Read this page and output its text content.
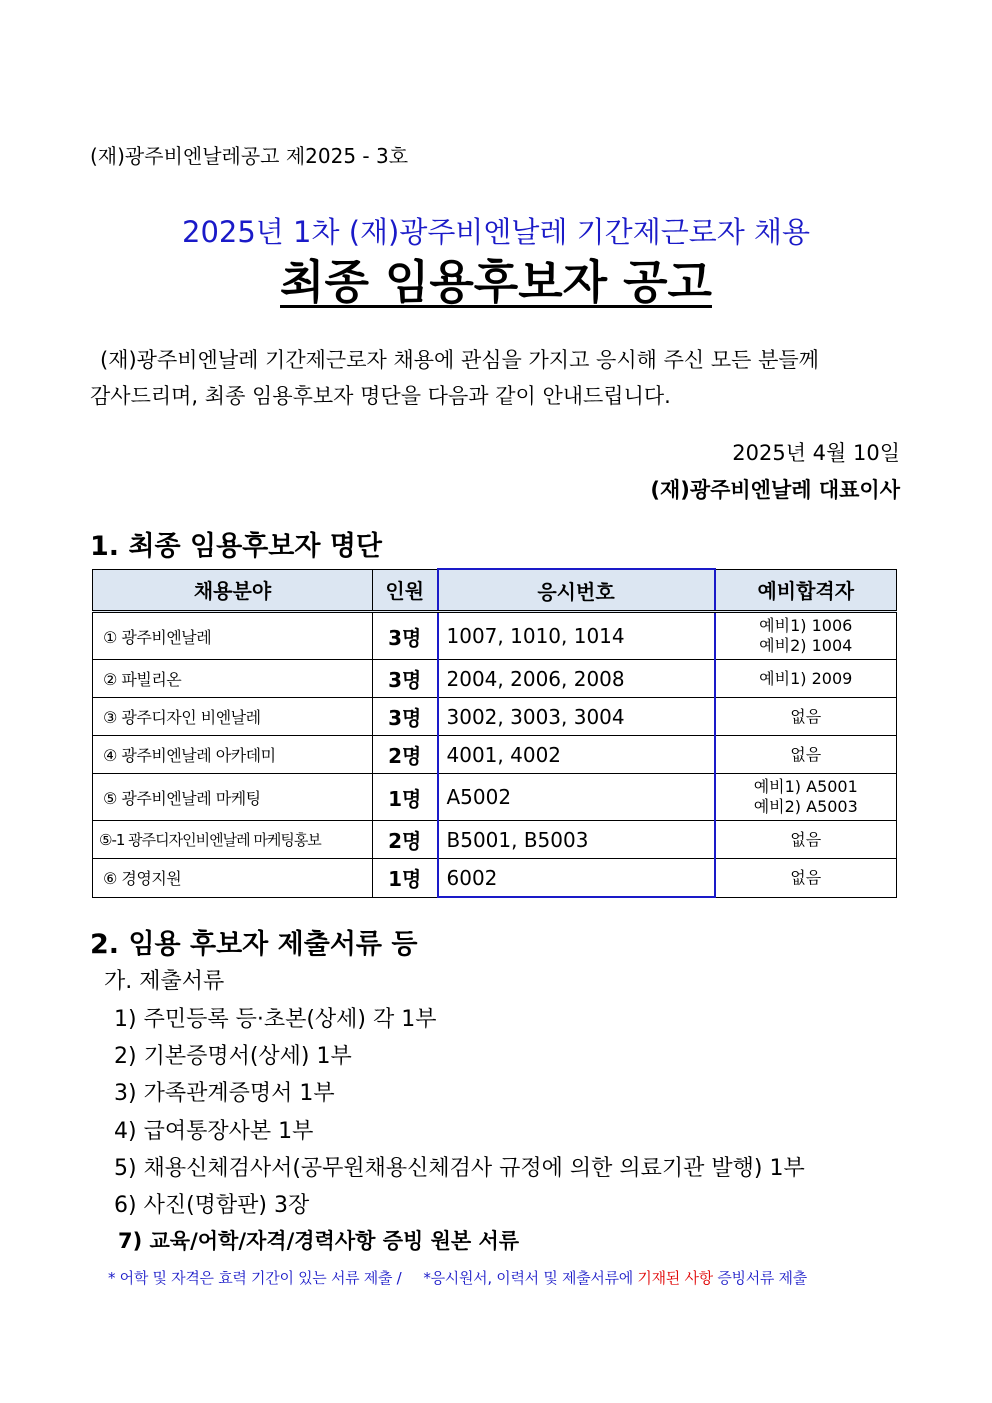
(재)광주비엔날레공고 제2025 - 3호
2025년 1차 (재)광주비엔날레 기간제근로자 채용
최종 임용후보자 공고
(재)광주비엔날레 기간제근로자 채용에 관심을 가지고 응시해 주신 모든 분들께
감사드리며, 최종 임용후보자 명단을 다음과 같이 안내드립니다.
2025년 4월 10일
(재)광주비엔날레 대표이사
1. 최종 임용후보자 명단
채용분야	인원	응시번호	예비합격자
① 광주비엔날레	3명	1007, 1010, 1014	예비1) 1006
예비2) 1004

② 파빌리온	3명	2004, 2006, 2008	예비1) 2009
③ 광주디자인 비엔날레	3명	3002, 3003, 3004	없음
④ 광주비엔날레 아카데미	2명	4001, 4002	없음
⑤ 광주비엔날레 마케팅	1명	A5002	예비1) A5001
예비2) A5003

⑤-1 광주디자인비엔날레 마케팅홍보	2명	B5001, B5003	없음
⑥ 경영지원	1명	6002	없음
2. 임용 후보자 제출서류 등
가. 제출서류
1) 주민등록 등·초본(상세) 각 1부
2) 기본증명서(상세) 1부
3) 가족관계증명서 1부
4) 급여통장사본 1부
5) 채용신체검사서(공무원채용신체검사 규정에 의한 의료기관 발행) 1부
6) 사진(명함판) 3장
7) 교육/어학/자격/경력사항 증빙 원본 서류
* 어학 및 자격은 효력 기간이 있는 서류 제출 / *응시원서, 이력서 및 제출서류에 기재된 사항 증빙서류 제출
